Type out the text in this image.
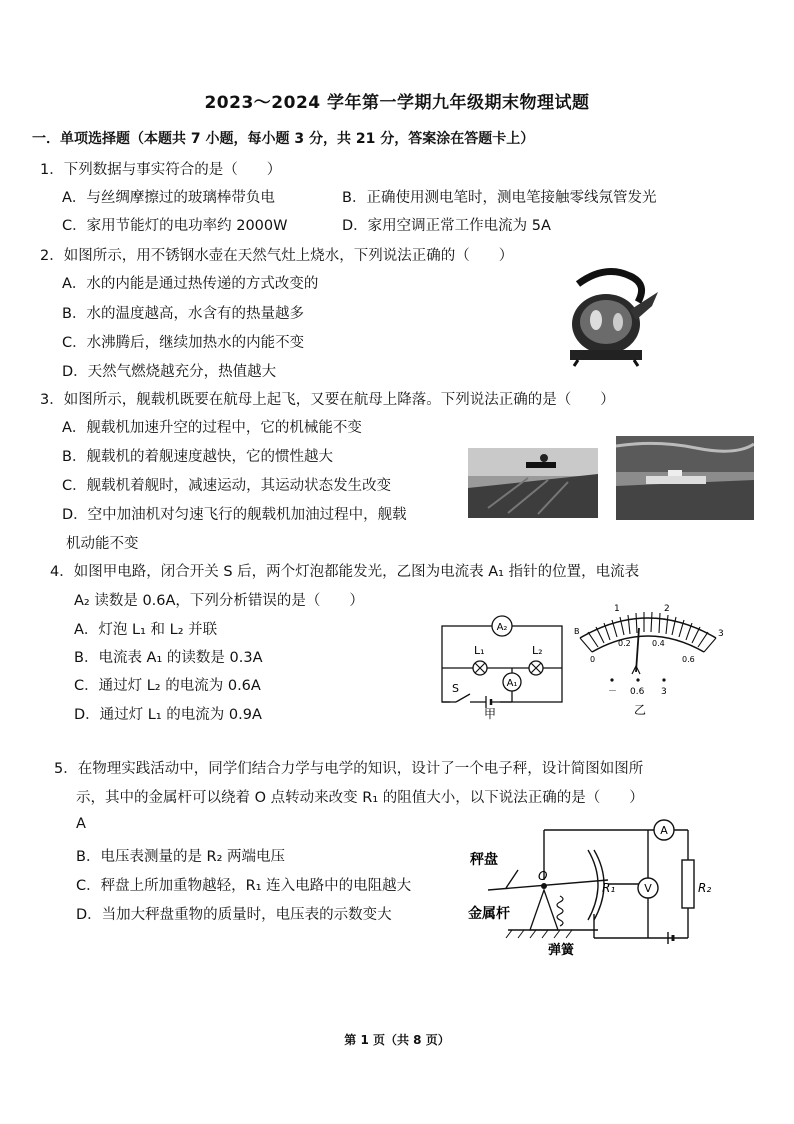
2023～2024 学年第一学期九年级期末物理试题
一．单项选择题（本题共 7 小题，每小题 3 分，共 21 分，答案涂在答题卡上）
1．下列数据与事实符合的是（　　）
A．与丝绸摩擦过的玻璃棒带负电	B．正确使用测电笔时，测电笔接触零线氖管发光
C．家用节能灯的电功率约 2000W	D．家用空调正常工作电流为 5A
2．如图所示，用不锈钢水壶在天然气灶上烧水，下列说法正确的（　　）
A．水的内能是通过热传递的方式改变的
B．水的温度越高，水含有的热量越多
C．水沸腾后，继续加热水的内能不变
D．天然气燃烧越充分，热值越大
3．如图所示，舰载机既要在航母上起飞，又要在航母上降落。下列说法正确的是（　　）
A．舰载机加速升空的过程中，它的机械能不变
B．舰载机的着舰速度越快，它的惯性越大
C．舰载机着舰时，减速运动，其运动状态发生改变
D．空中加油机对匀速飞行的舰载机加油过程中，舰载
机动能不变
4．如图甲电路，闭合开关 S 后，两个灯泡都能发光，乙图为电流表 A₁ 指针的位置，电流表
A₂ 读数是 0.6A，下列分析错误的是（　　）
A．灯泡 L₁ 和 L₂ 并联
B．电流表 A₁ 的读数是 0.3A
C．通过灯 L₂ 的电流为 0.6A
D．通过灯 L₁ 的电流为 0.9A
A₂
L₁	L₂
A₁
S
甲
B
1	2
3
0
0.2	0.4
0.6
－ 0.6 3
乙
5．在物理实践活动中，同学们结合力学与电学的知识，设计了一个电子秤，设计简图如图所
示，其中的金属杆可以绕着 O 点转动来改变 R₁ 的阻值大小，以下说法正确的是（　　）
A
B．电压表测量的是 R₂ 两端电压
C．秤盘上所加重物越轻，R₁ 连入电路中的电阻越大
D．当加大秤盘重物的质量时，电压表的示数变大
A
V	R₂
R₁
O
秤盘
金属杆
弹簧
第 1 页（共 8 页）
